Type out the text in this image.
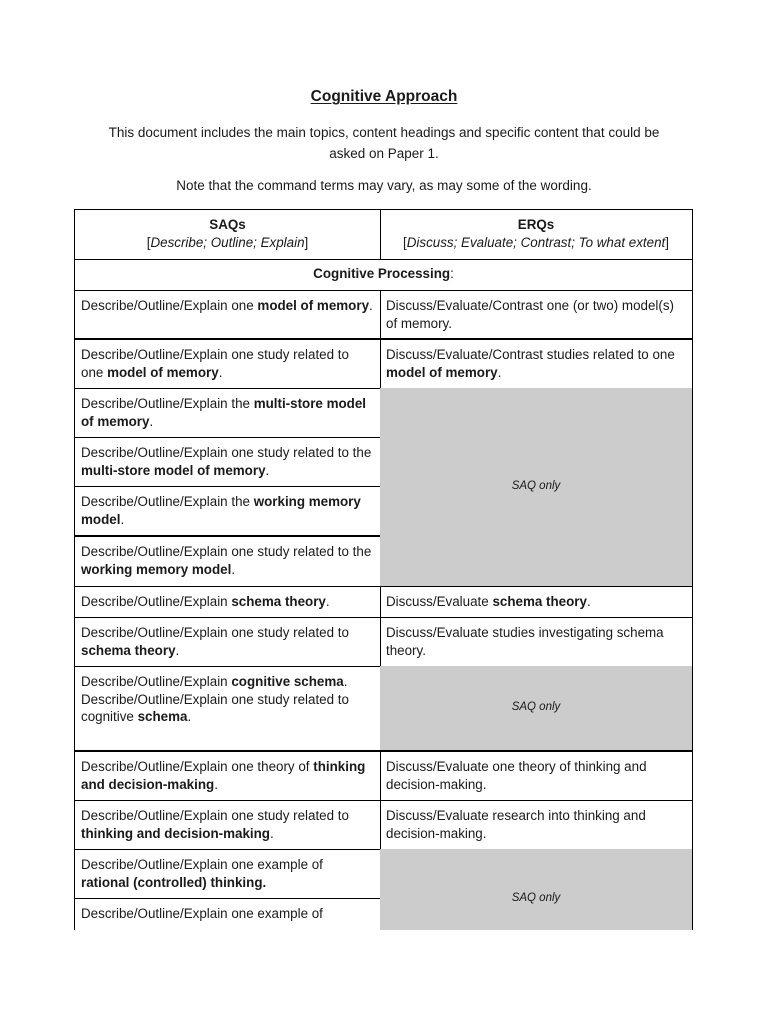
Cognitive Approach
This document includes the main topics, content headings and specific content that could be asked on Paper 1.
Note that the command terms may vary, as may some of the wording.
SAQs
[Describe; Outline; Explain]
ERQs
[Discuss; Evaluate; Contrast; To what extent]
Cognitive Processing:
Describe/Outline/Explain one model of memory. Discuss/Evaluate/Contrast one (or two) model(s) of memory.
Describe/Outline/Explain one study related to one model of memory.
Discuss/Evaluate/Contrast studies related to one model of memory.
Describe/Outline/Explain the multi-store model of memory.
Describe/Outline/Explain one study related to the multi-store model of memory.
Describe/Outline/Explain the working memory model.
Describe/Outline/Explain one study related to the working memory model.
SAQ only
Describe/Outline/Explain schema theory.	Discuss/Evaluate schema theory.
Describe/Outline/Explain one study related to schema theory.
Discuss/Evaluate studies investigating schema theory.
Describe/Outline/Explain cognitive schema.
Describe/Outline/Explain one study related to cognitive schema.
SAQ only
Describe/Outline/Explain one theory of thinking and decision-making.
Discuss/Evaluate one theory of thinking and decision-making.
Describe/Outline/Explain one study related to thinking and decision-making.
Discuss/Evaluate research into thinking and decision-making.
Describe/Outline/Explain one example of rational (controlled) thinking.
Describe/Outline/Explain one example of
SAQ only
